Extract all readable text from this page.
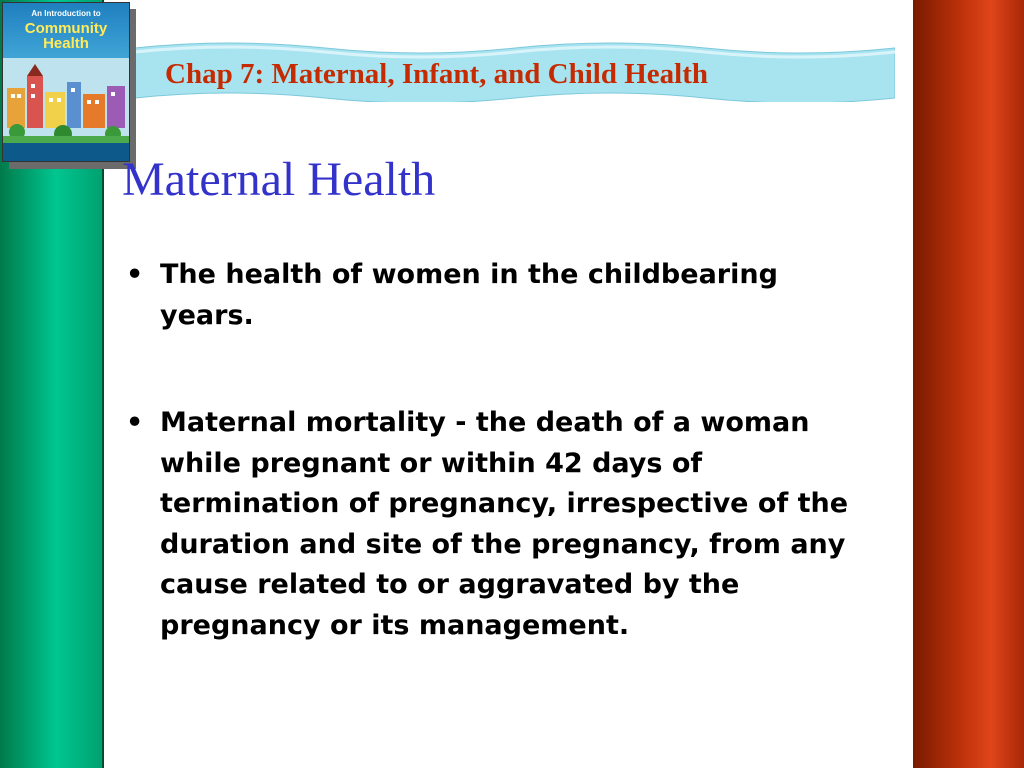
Chap 7: Maternal, Infant, and Child Health
An Introduction to
Community
Health
Maternal Health
• The health of women in the childbearing years.
• Maternal mortality - the death of a woman while pregnant or within 42 days of termination of pregnancy, irrespective of the duration and site of the pregnancy, from any cause related to or aggravated by the pregnancy or its management.
